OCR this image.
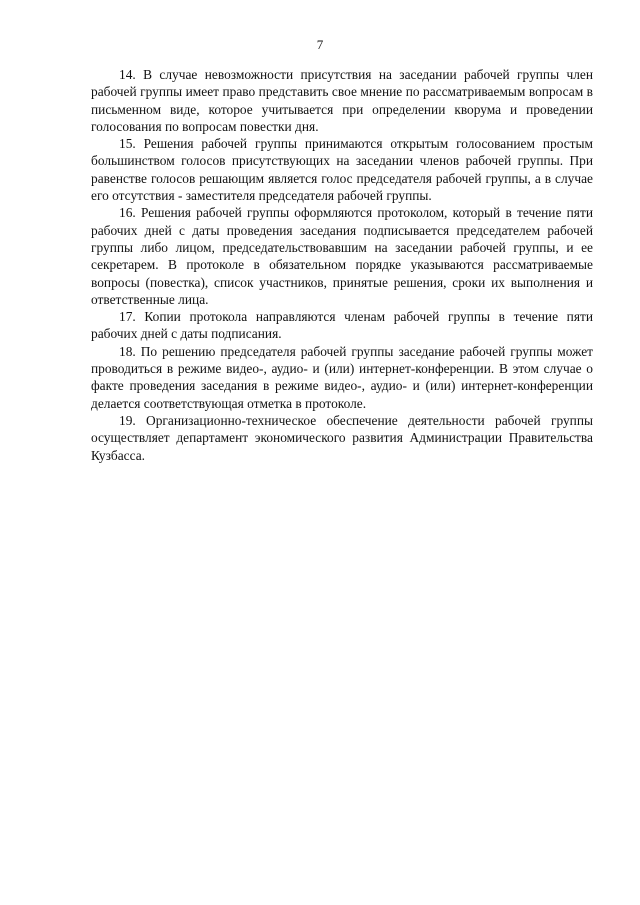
7

14. В случае невозможности присутствия на заседании рабочей группы член рабочей группы имеет право представить свое мнение по рассматриваемым вопросам в письменном виде, которое учитывается при определении кворума и проведении голосования по вопросам повестки дня.

15. Решения рабочей группы принимаются открытым голосованием простым большинством голосов присутствующих на заседании членов рабочей группы. При равенстве голосов решающим является голос председателя рабочей группы, а в случае его отсутствия - заместителя председателя рабочей группы.

16. Решения рабочей группы оформляются протоколом, который в течение пяти рабочих дней с даты проведения заседания подписывается председателем рабочей группы либо лицом, председательствовавшим на заседании рабочей группы, и ее секретарем. В протоколе в обязательном порядке указываются рассматриваемые вопросы (повестка), список участников, принятые решения, сроки их выполнения и ответственные лица.

17. Копии протокола направляются членам рабочей группы в течение пяти рабочих дней с даты подписания.

18. По решению председателя рабочей группы заседание рабочей группы может проводиться в режиме видео-, аудио- и (или) интернет-конференции. В этом случае о факте проведения заседания в режиме видео-, аудио- и (или) интернет-конференции делается соответствующая отметка в протоколе.

19. Организационно-техническое обеспечение деятельности рабочей группы осуществляет департамент экономического развития Администрации Правительства Кузбасса.
